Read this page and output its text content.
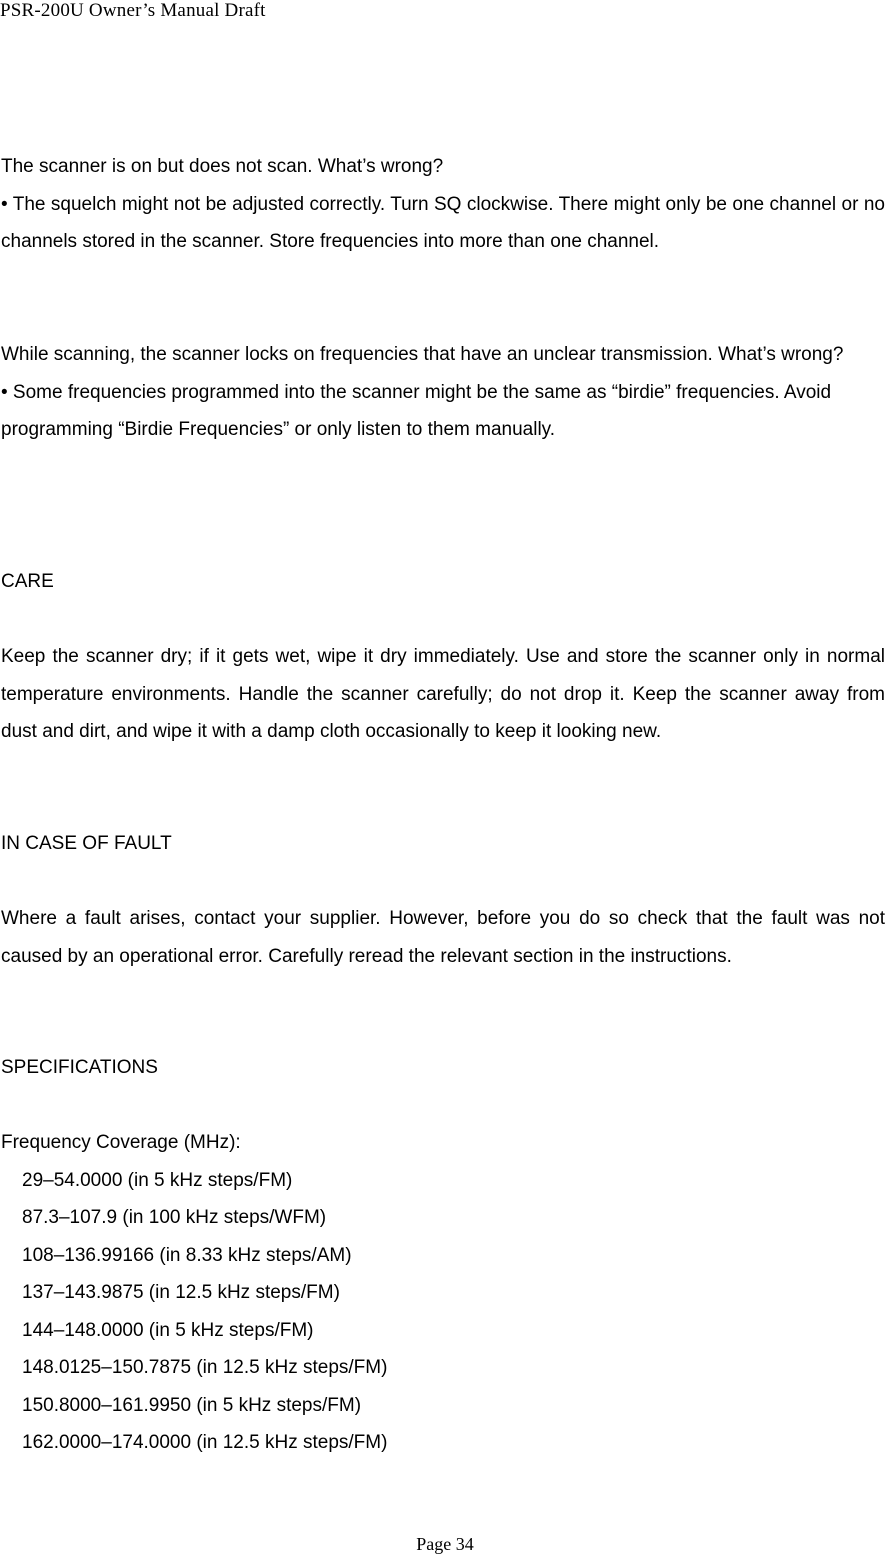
PSR-200U Owner’s Manual Draft

The scanner is on but does not scan. What’s wrong?

• The squelch might not be adjusted correctly. Turn SQ clockwise. There might only be one channel or no channels stored in the scanner. Store frequencies into more than one channel.

While scanning, the scanner locks on frequencies that have an unclear transmission. What’s wrong?

• Some frequencies programmed into the scanner might be the same as “birdie” frequencies. Avoid programming “Birdie Frequencies” or only listen to them manually.

CARE

Keep the scanner dry; if it gets wet, wipe it dry immediately. Use and store the scanner only in normal temperature environments. Handle the scanner carefully; do not drop it. Keep the scanner away from dust and dirt, and wipe it with a damp cloth occasionally to keep it looking new.

IN CASE OF FAULT

Where a fault arises, contact your supplier. However, before you do so check that the fault was not caused by an operational error. Carefully reread the relevant section in the instructions.

SPECIFICATIONS
Frequency Coverage (MHz):
29–54.0000 (in 5 kHz steps/FM)
87.3–107.9 (in 100 kHz steps/WFM)
108–136.99166 (in 8.33 kHz steps/AM)
137–143.9875 (in 12.5 kHz steps/FM)
144–148.0000 (in 5 kHz steps/FM)
148.0125–150.7875 (in 12.5 kHz steps/FM)
150.8000–161.9950 (in 5 kHz steps/FM)
162.0000–174.0000 (in 12.5 kHz steps/FM)
Page 34
